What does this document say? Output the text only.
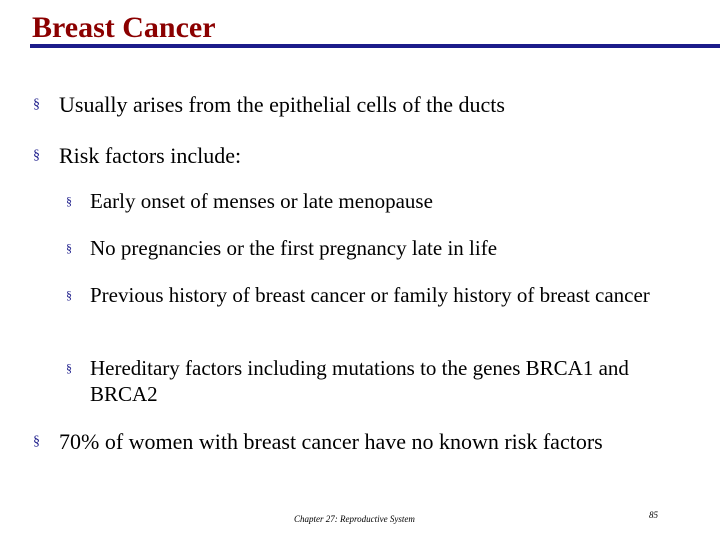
Breast Cancer
§ Usually arises from the epithelial cells of the ducts
§ Risk factors include:
§ Early onset of menses or late menopause
§ No pregnancies or the first pregnancy late in life
§ Previous history of breast cancer or family history of breast cancer
§ Hereditary factors including mutations to the genes BRCA1 and BRCA2
§ 70% of women with breast cancer have no known risk factors
Chapter 27: Reproductive System	85
